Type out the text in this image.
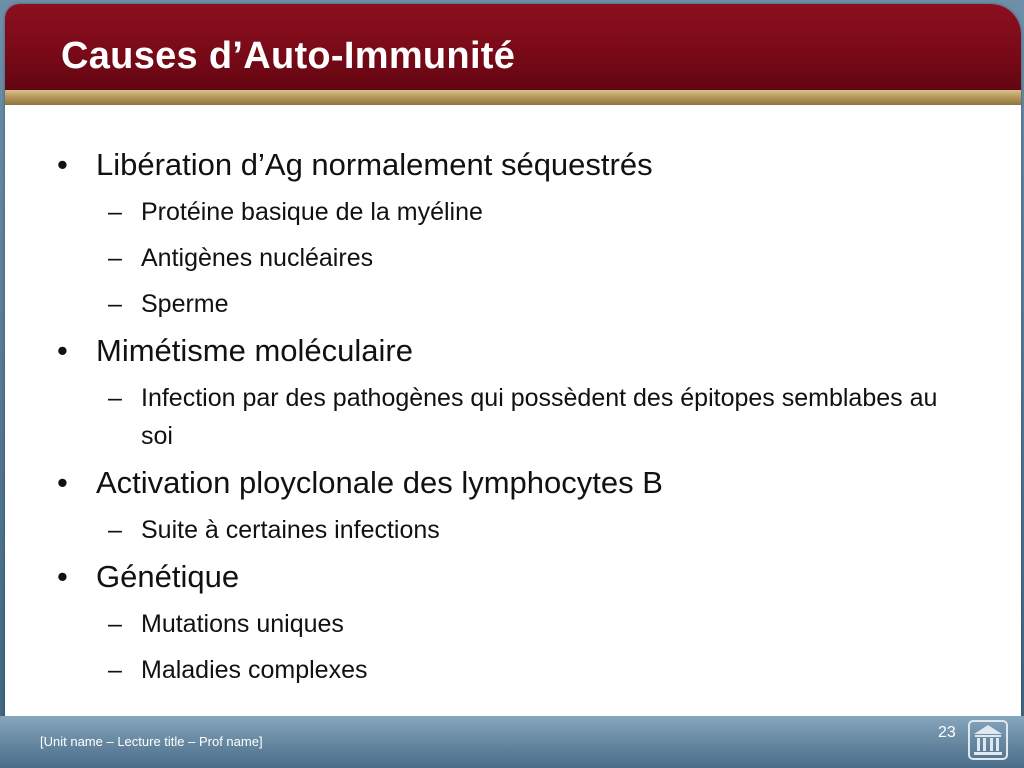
Causes d’Auto-Immunité
• Libération d’Ag normalement séquestrés
– Protéine basique de la myéline
– Antigènes nucléaires
– Sperme
• Mimétisme moléculaire
– Infection par des pathogènes qui possèdent des épitopes semblabes au soi
• Activation ployclonale des lymphocytes B
– Suite à certaines infections
• Génétique
– Mutations uniques
– Maladies complexes
[Unit name – Lecture title – Prof name]
23
